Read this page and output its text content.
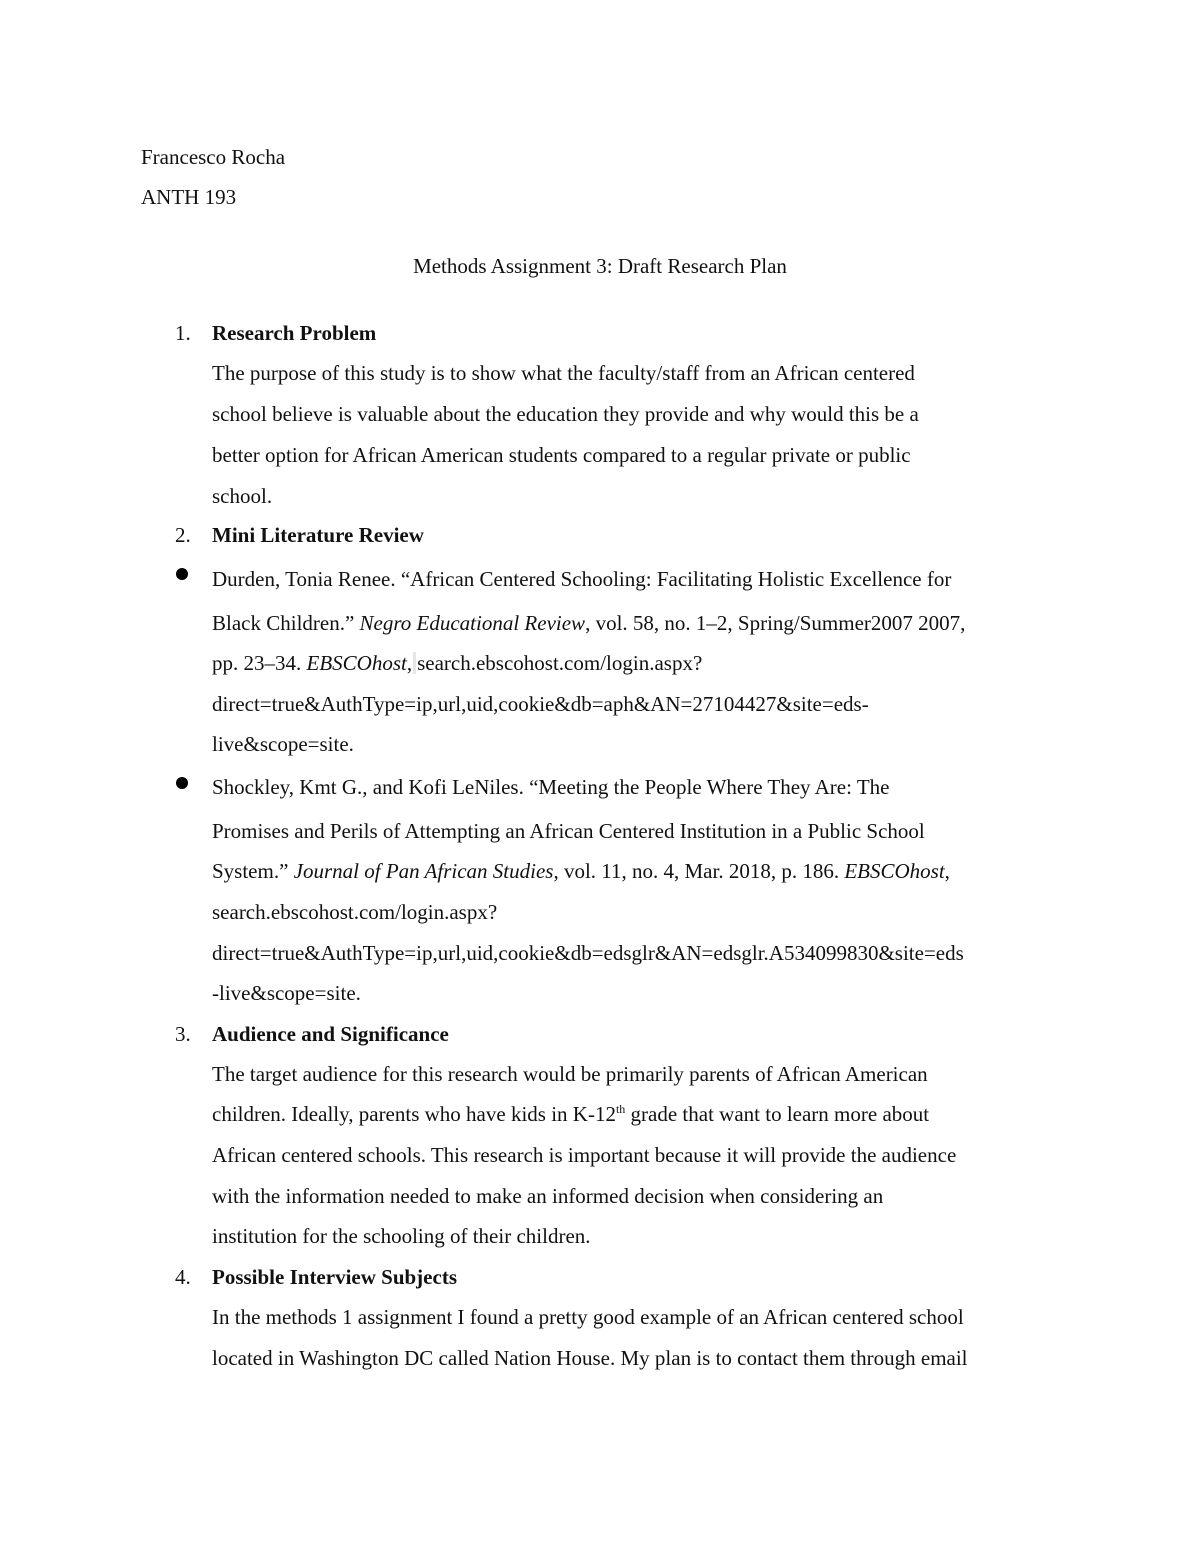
Francesco Rocha
ANTH 193
Methods Assignment 3: Draft Research Plan
1. Research Problem
The purpose of this study is to show what the faculty/staff from an African centered
school believe is valuable about the education they provide and why would this be a
better option for African American students compared to a regular private or public
school.
2. Mini Literature Review
Durden, Tonia Renee. “African Centered Schooling: Facilitating Holistic Excellence for
Black Children.” Negro Educational Review, vol. 58, no. 1–2, Spring/Summer2007 2007,
pp. 23–34. EBSCOhost, search.ebscohost.com/login.aspx?
direct=true&AuthType=ip,url,uid,cookie&db=aph&AN=27104427&site=eds-
live&scope=site.
Shockley, Kmt G., and Kofi LeNiles. “Meeting the People Where They Are: The
Promises and Perils of Attempting an African Centered Institution in a Public School
System.” Journal of Pan African Studies, vol. 11, no. 4, Mar. 2018, p. 186. EBSCOhost,
search.ebscohost.com/login.aspx?
direct=true&AuthType=ip,url,uid,cookie&db=edsglr&AN=edsglr.A534099830&site=eds
-live&scope=site.
3. Audience and Significance
The target audience for this research would be primarily parents of African American
children. Ideally, parents who have kids in K-12th grade that want to learn more about
African centered schools. This research is important because it will provide the audience
with the information needed to make an informed decision when considering an
institution for the schooling of their children.
4. Possible Interview Subjects
In the methods 1 assignment I found a pretty good example of an African centered school
located in Washington DC called Nation House. My plan is to contact them through email
